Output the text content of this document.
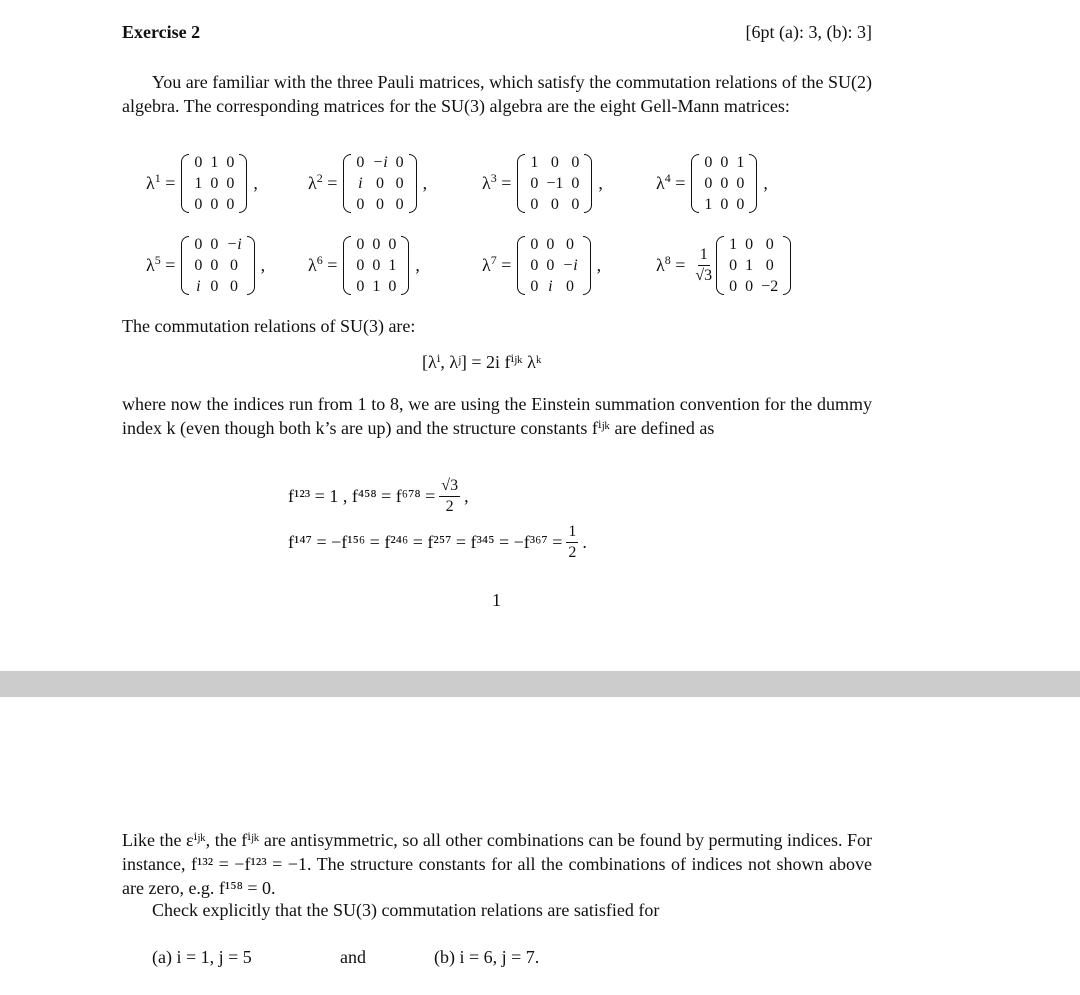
Exercise 2	[6pt (a): 3, (b): 3]
You are familiar with the three Pauli matrices, which satisfy the commutation relations of the SU(2) algebra. The corresponding matrices for the SU(3) algebra are the eight Gell-Mann matrices:
$\lambda^1$ =
0	1	0
1	0	0
0	0	0
,	$\lambda^2$ =
0	−i	0
i	0	0
0	0	0
,	$\lambda^3$ =
1	0	0
0	−1	0
0	0	0
,	$\lambda^4$ =
0	0	1
0	0	0
1	0	0
,
$\lambda^5$ =
0	0	−i
0	0	0
i	0	0
, $\lambda^6$ =
0	0	0
0	0	1
0	1	0
,	$\lambda^7$ =
0	0	0
0	0	−i
0	i	0
,	$\lambda^8 = \frac{1}{√3}$
1	0	0
0	1	0
0	0	−2
The commutation relations of SU(3) are:
[λⁱ, λʲ] = 2i fⁱʲᵏ λᵏ
where now the indices run from 1 to 8, we are using the Einstein summation convention for the dummy index k (even though both k’s are up) and the structure constants fⁱʲᵏ are defined as
f¹²³ = 1 , $f^{458} = f^{678} = \frac{√3}{2}$ ,
$f^{147} = -f^{156} = f^{246} = f^{257} = f^{345} = -f^{367} = \frac{1}{2}$ .
1
Like the εⁱʲᵏ, the fⁱʲᵏ are antisymmetric, so all other combinations can be found by permuting indices. For instance, f¹³² = −f¹²³ = −1. The structure constants for all the combinations of indices not shown above are zero, e.g. f¹⁵⁸ = 0.
Check explicitly that the SU(3) commutation relations are satisfied for
(a) i = 1, j = 5	and	(b) i = 6, j = 7.
